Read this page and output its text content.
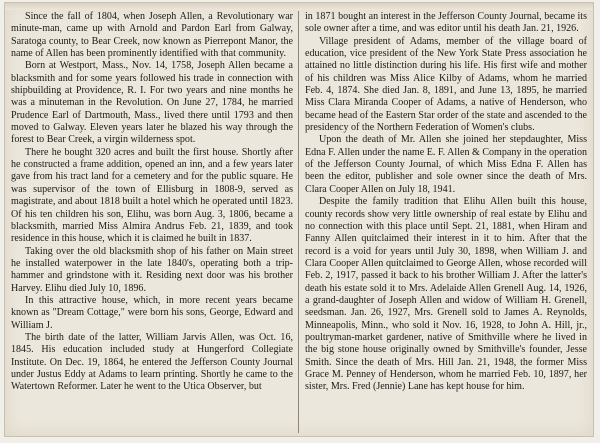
Since the fall of 1804, when Joseph Allen, a Revolutionary war minute-man, came up with Arnold and Pardon Earl from Galway, Saratoga county, to Bear Creek, now known as Pierrepont Manor, the name of Allen has been prominently identified with that community.

Born at Westport, Mass., Nov. 14, 1758, Joseph Allen became a blacksmith and for some years followed his trade in connection with shipbuilding at Providence, R. I. For two years and nine months he was a minuteman in the Revolution. On June 27, 1784, he married Prudence Earl of Dartmouth, Mass., lived there until 1793 and then moved to Galway. Eleven years later he blazed his way through the forest to Bear Creek, a virgin wilderness spot.

There he bought 320 acres and built the first house. Shortly after he constructed a frame addition, opened an inn, and a few years later gave from his tract land for a cemetery and for the public square. He was supervisor of the town of Ellisburg in 1808-9, served as magistrate, and about 1818 built a hotel which he operated until 1823. Of his ten children his son, Elihu, was born Aug. 3, 1806, became a blacksmith, married Miss Almira Andrus Feb. 21, 1839, and took residence in this house, which it is claimed he built in 1837.

Taking over the old blacksmith shop of his father on Main street he installed waterpower in the late 1840's, operating both a trip-hammer and grindstone with it. Residing next door was his brother Harvey. Elihu died July 10, 1896.

In this attractive house, which, in more recent years became known as "Dream Cottage," were born his sons, George, Edward and William J.

The birth date of the latter, William Jarvis Allen, was Oct. 16, 1845. His education included study at Hungerford Collegiate Institute. On Dec. 19, 1864, he entered the Jefferson County Journal under Justus Eddy at Adams to learn printing. Shortly he came to the Watertown Reformer. Later he went to the Utica Observer, but

in 1871 bought an interest in the Jefferson County Journal, became its sole owner after a time, and was editor until his death Jan. 21, 1926.

Village president of Adams, member of the village board of education, vice president of the New York State Press association he attained no little distinction during his life. His first wife and mother of his children was Miss Alice Kilby of Adams, whom he married Feb. 4, 1874. She died Jan. 8, 1891, and June 13, 1895, he married Miss Clara Miranda Cooper of Adams, a native of Henderson, who became head of the Eastern Star order of the state and ascended to the presidency of the Northern Federation of Women's clubs.

Upon the death of Mr. Allen she joined her stepdaughter, Miss Edna F. Allen under the name E. F. Allen & Company in the operation of the Jefferson County Journal, of which Miss Edna F. Allen has been the editor, publisher and sole owner since the death of Mrs. Clara Cooper Allen on July 18, 1941.

Despite the family tradition that Elihu Allen built this house, county records show very little ownership of real estate by Elihu and no connection with this place until Sept. 21, 1881, when Hiram and Fanny Allen quitclaimed their interest in it to him. After that the record is a void for years until July 30, 1898, when William J. and Clara Cooper Allen quitclaimed to George Allen, whose recorded will Feb. 2, 1917, passed it back to his brother William J. After the latter's death his estate sold it to Mrs. Adelaide Allen Grenell Aug. 14, 1926, a grand-daughter of Joseph Allen and widow of William H. Grenell, seedsman. Jan. 26, 1927, Mrs. Grenell sold to James A. Reynolds, Minneapolis, Minn., who sold it Nov. 16, 1928, to John A. Hill, jr., poultryman-market gardener, native of Smithville where he lived in the big stone house originally owned by Smithville's founder, Jesse Smith. Since the death of Mrs. Hill Jan. 21, 1948, the former Miss Grace M. Penney of Henderson, whom he married Feb. 10, 1897, her sister, Mrs. Fred (Jennie) Lane has kept house for him.
